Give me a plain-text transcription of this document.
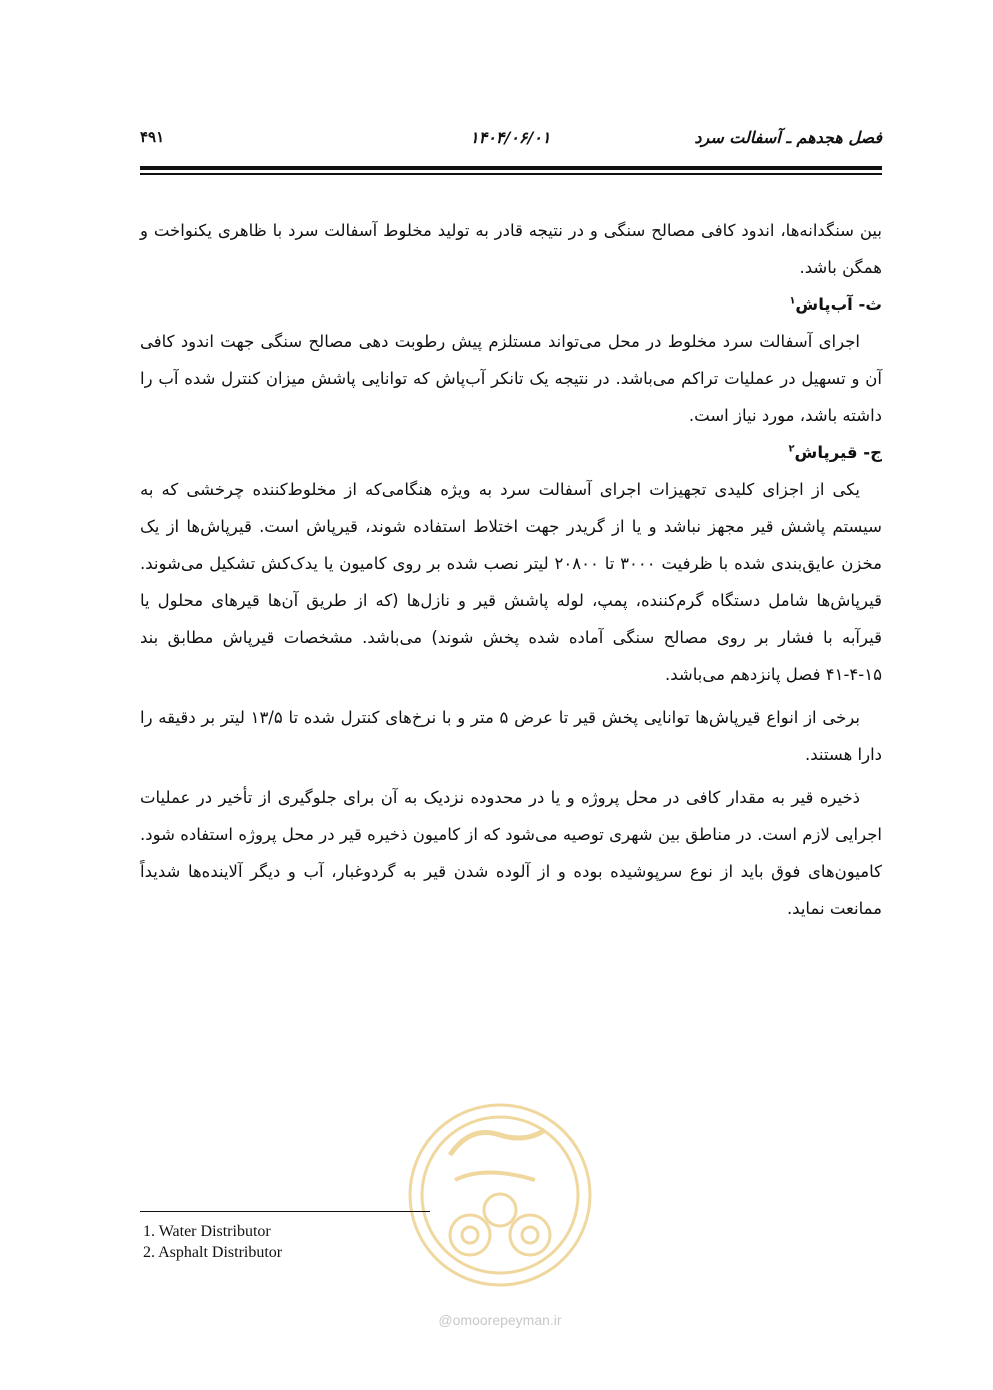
فصل هجدهم ـ آسفالت سرد
۱۴۰۴/۰۶/۰۱
۴۹۱

بین سنگدانه‌ها، اندود کافی مصالح سنگی و در نتیجه قادر به تولید مخلوط آسفالت سرد با ظاهری یکنواخت و همگن باشد.

ث- آب‌پاش$^۱$

اجرای آسفالت سرد مخلوط در محل می‌تواند مستلزم پیش رطوبت دهی مصالح سنگی جهت اندود کافی آن و تسهیل در عملیات تراکم می‌باشد. در نتیجه یک تانکر آب‌پاش که توانایی پاشش میزان کنترل شده آب را داشته باشد، مورد نیاز است.

ج- قیرپاش$^۲$

یکی از اجزای کلیدی تجهیزات اجرای آسفالت سرد به ویژه هنگامی‌که از مخلوط‌کننده چرخشی که به سیستم پاشش قیر مجهز نباشد و یا از گریدر جهت اختلاط استفاده شوند، قیرپاش است. قیرپاش‌ها از یک مخزن عایق‌بندی شده با ظرفیت ۳۰۰۰ تا ۲۰۸۰۰ لیتر نصب شده بر روی کامیون یا یدک‌کش تشکیل می‌شوند. قیرپاش‌ها شامل دستگاه گرم‌کننده، پمپ، لوله پاشش قیر و نازل‌ها (که از طریق آن‌ها قیرهای محلول یا قیرآبه با فشار بر روی مصالح سنگی آماده شده پخش شوند) می‌باشد. مشخصات قیرپاش مطابق بند ۱۵-۴-۴۱ فصل پانزدهم می‌باشد.

برخی از انواع قیرپاش‌ها توانایی پخش قیر تا عرض ۵ متر و با نرخ‌های کنترل شده تا ۱۳/۵ لیتر بر دقیقه را دارا هستند.

ذخیره قیر به مقدار کافی در محل پروژه و یا در محدوده نزدیک به آن برای جلوگیری از تأخیر در عملیات اجرایی لازم است. در مناطق بین شهری توصیه می‌شود که از کامیون ذخیره قیر در محل پروژه استفاده شود. کامیون‌های فوق باید از نوع سرپوشیده بوده و از آلوده شدن قیر به گردوغبار، آب و دیگر آلاینده‌ها شدیداً ممانعت نماید.

@omoorepeyman.ir
1. Water Distributor
2. Asphalt Distributor
